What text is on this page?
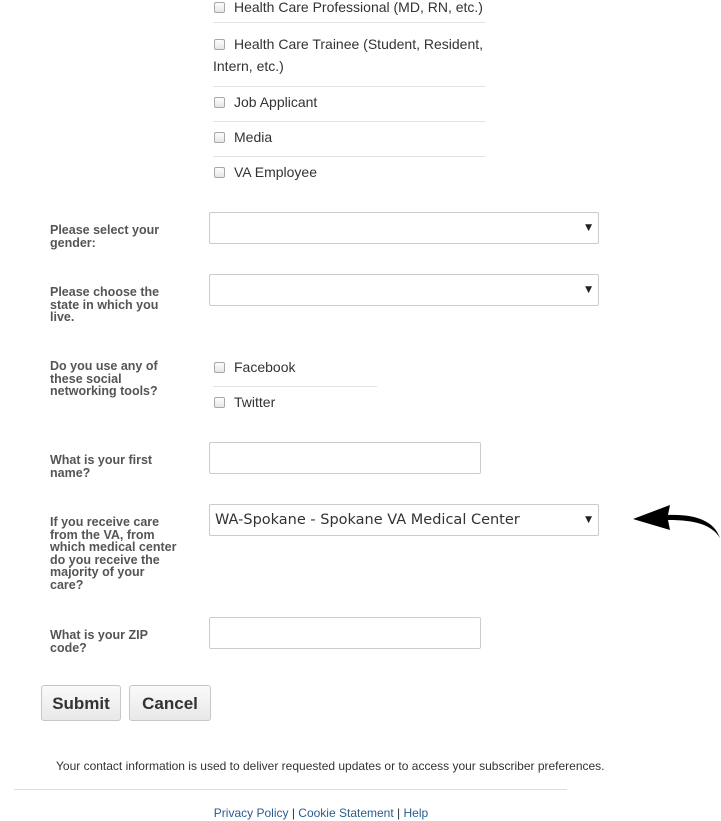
Health Care Professional (MD, RN, etc.)
Health Care Trainee (Student, Resident,
Intern, etc.)
Job Applicant
Media
VA Employee
Please select your
gender:
▼
Please choose the
state in which you
live.
▼
Do you use any of
these social
networking tools?
Facebook
Twitter
What is your first
name?
If you receive care
from the VA, from
which medical center
do you receive the
majority of your
care?
WA-Spokane - Spokane VA Medical Center	▼
What is your ZIP
code?
Submit	Cancel
Your contact information is used to deliver requested updates or to access your subscriber preferences.
Privacy Policy | Cookie Statement | Help
